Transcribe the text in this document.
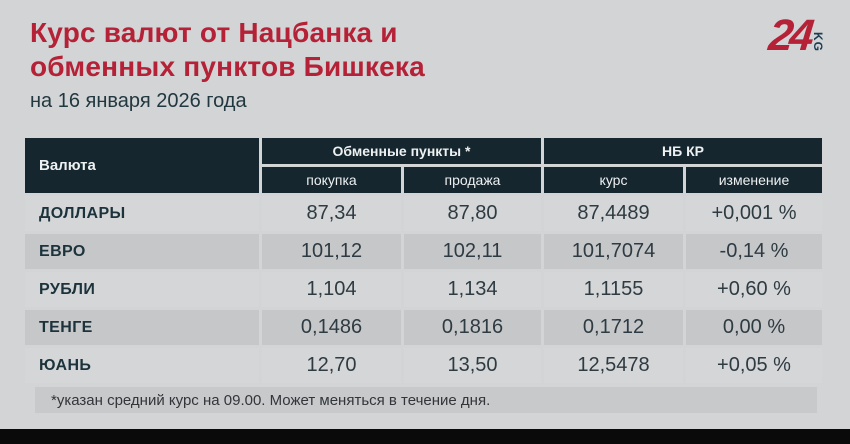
Курс валют от Нацбанка и
обменных пунктов Бишкека
24
KG
на 16 января 2026 года
Валюта
Обменные пункты *	НБ КР
покупка	продажа	курс	изменение
ДОЛЛАРЫ	87,34	87,80	87,4489	+0,001 %
ЕВРО	101,12	102,11	101,7074	-0,14 %
РУБЛИ	1,104	1,134	1,1155	+0,60 %
ТЕНГЕ	0,1486	0,1816	0,1712	0,00 %
ЮАНЬ	12,70	13,50	12,5478	+0,05 %
*указан средний курс на 09.00. Может меняться в течение дня.
